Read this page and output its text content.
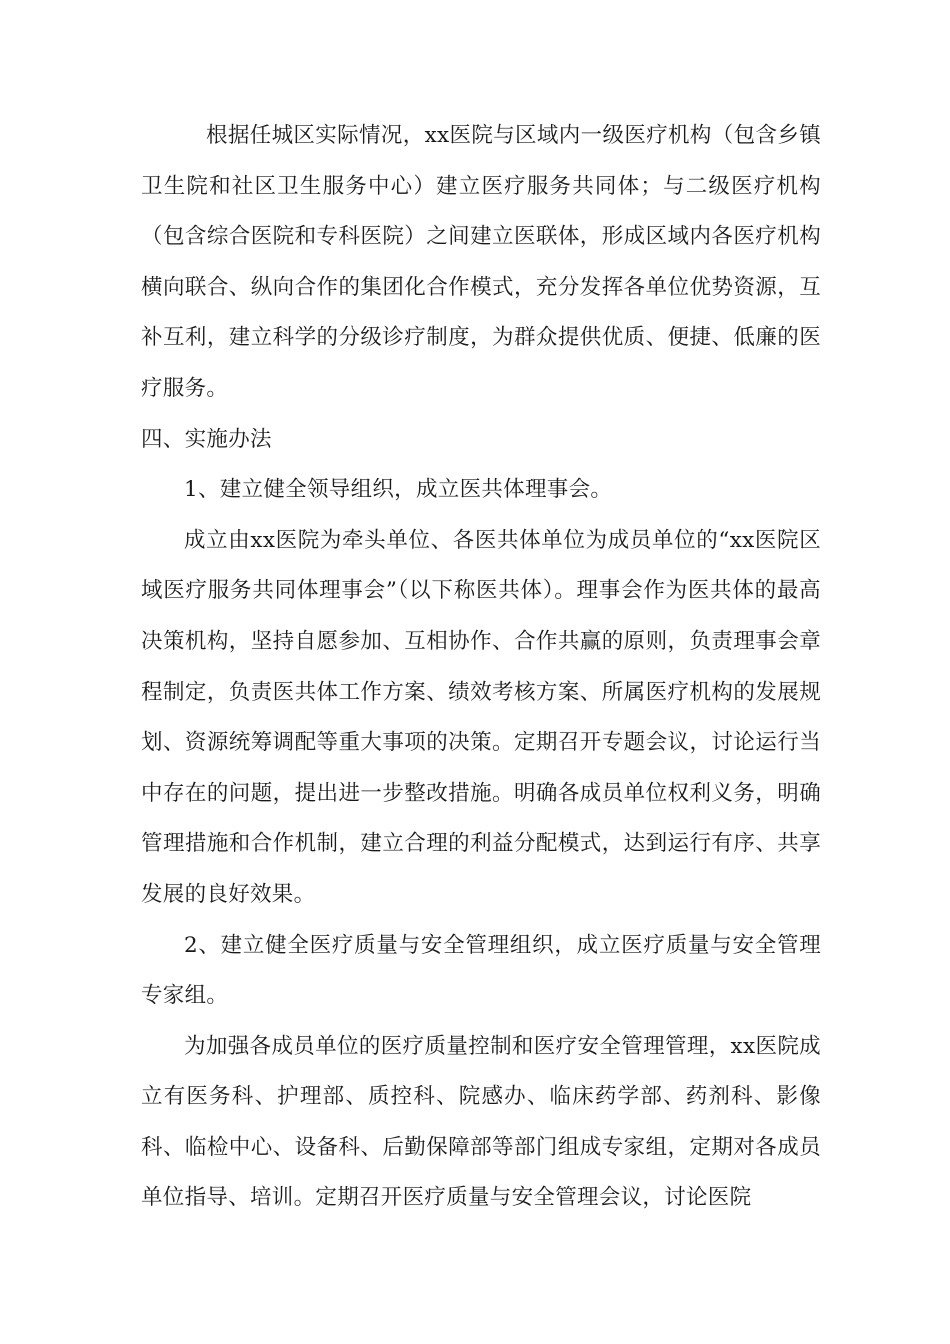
根据任城区实际情况，xx医院与区域内一级医疗机构（包含乡镇卫生院和社区卫生服务中心）建立医疗服务共同体；与二级医疗机构（包含综合医院和专科医院）之间建立医联体，形成区域内各医疗机构横向联合、纵向合作的集团化合作模式，充分发挥各单位优势资源，互补互利，建立科学的分级诊疗制度，为群众提供优质、便捷、低廉的医疗服务。

四、实施办法

1、建立健全领导组织，成立医共体理事会。

成立由xx医院为牵头单位、各医共体单位为成员单位的“xx医院区域医疗服务共同体理事会”（以下称医共体）。理事会作为医共体的最高决策机构，坚持自愿参加、互相协作、合作共赢的原则，负责理事会章程制定，负责医共体工作方案、绩效考核方案、所属医疗机构的发展规划、资源统筹调配等重大事项的决策。定期召开专题会议，讨论运行当中存在的问题，提出进一步整改措施。明确各成员单位权利义务，明确管理措施和合作机制，建立合理的利益分配模式，达到运行有序、共享发展的良好效果。

2、建立健全医疗质量与安全管理组织，成立医疗质量与安全管理专家组。

为加强各成员单位的医疗质量控制和医疗安全管理管理，xx医院成立有医务科、护理部、质控科、院感办、临床药学部、药剂科、影像科、临检中心、设备科、后勤保障部等部门组成专家组，定期对各成员单位指导、培训。定期召开医疗质量与安全管理会议，讨论医院
